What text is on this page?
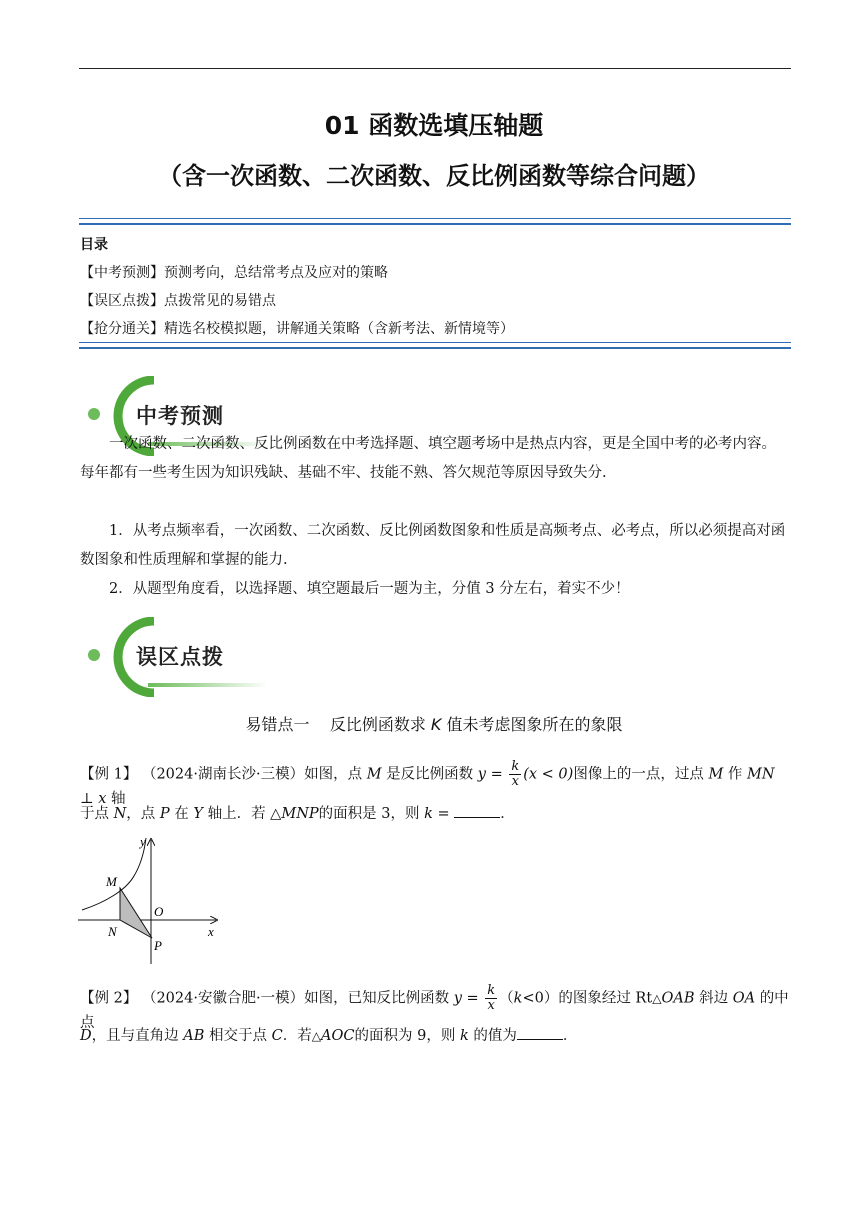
01 函数选填压轴题
（含一次函数、二次函数、反比例函数等综合问题）
目录
【中考预测】预测考向，总结常考点及应对的策略
【误区点拨】点拨常见的易错点
【抢分通关】精选名校模拟题，讲解通关策略（含新考法、新情境等）
中考预测
一次函数、二次函数、反比例函数在中考选择题、填空题考场中是热点内容，更是全国中考的必考内容。每年都有一些考生因为知识残缺、基础不牢、技能不熟、答欠规范等原因导致失分.
1．从考点频率看，一次函数、二次函数、反比例函数图象和性质是高频考点、必考点，所以必须提高对函数图象和性质理解和掌握的能力.
2．从题型角度看，以选择题、填空题最后一题为主，分值 3 分左右，着实不少！
误区点拨
易错点一 反比例函数求 K 值未考虑图象所在的象限
【例 1】 （2024·湖南长沙·三模）如图，点 M 是反比例函数 $y = \frac{k}{x} (x < 0)$图像上的一点，过点 M 作 MN ⊥ x 轴
于点 N，点 P 在 Y 轴上．若 △MNP的面积是 3，则 k =	．
y
x
M
N
O
P
【例 2】 （2024·安徽合肥·一模）如图，已知反比例函数 $y = \frac{k}{x} (k<0)$的图象经过 Rt△OAB 斜边 OA 的中点
D，且与直角边 AB 相交于点 C．若△AOC的面积为 9，则 k 的值为	．
